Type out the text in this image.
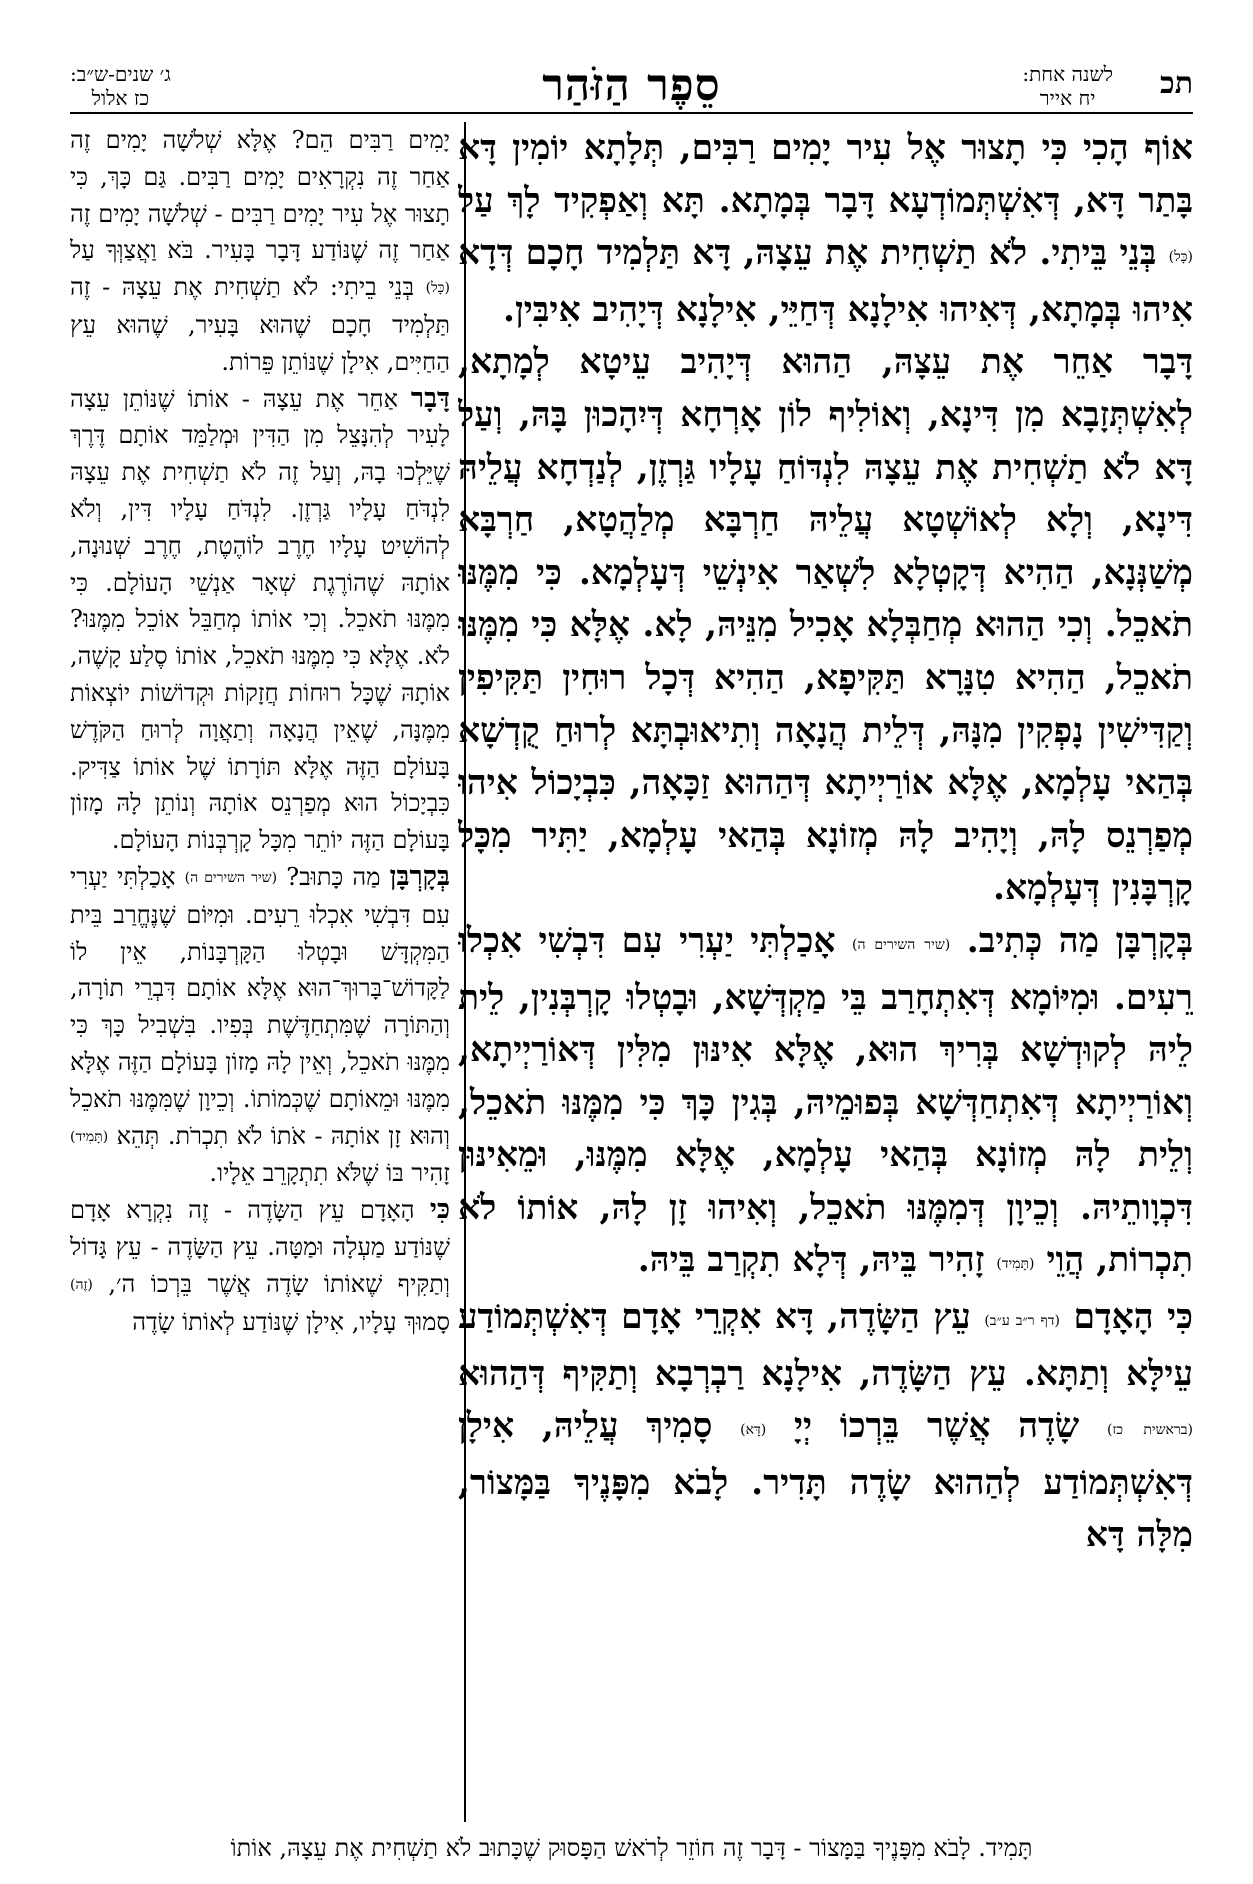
תכ
לשנה אחת:
יח אייר
סֵפֶר הַזֹּהַר
ג׳ שנים-ש״ב:
כז אלול

אוֹף הָכִי כִּי תָצוּר אֶל עִיר יָמִים רַבִּים, תְּלָתָא יוֹמִין דָּא בָּתַר דָּא, דְּאִשְׁתְּמוֹדְעָא דָּבָר בְּמָתָא. תָּא וְאַפְקִיד לָךְ עַל (כָּל) בְּנֵי בֵּיתִי. לֹא תַשְׁחִית אֶת עֵצָהּ, דָּא תַּלְמִיד חָכָם דְּדָא אִיהוּ בְּמָתָא, דְּאִיהוּ אִילָנָא דְּחַיֵּי, אִילָנָא דְּיָהִיב אִיבִּין.

דָּבָר אַחֵר אֶת עֵצָהּ, הַהוּא דְּיָהִיב עֵיטָא לְמָתָא, לְאִשְׁתְּזָבָא מִן דִּינָא, וְאוֹלִיף לוֹן אָרְחָא דְּיִהָכוּן בָּהּ, וְעַל דָּא לֹא תַשְׁחִית אֶת עֵצָהּ לִנְדּוֹחַ עָלָיו גַּרְזֶן, לְנַדְחָא עֲלֵיהּ דִּינָא, וְלָא לְאוֹשְׁטָא עֲלֵיהּ חַרְבָּא מְלַהֲטָא, חַרְבָּא מְשַׁנְּנָא, הַהִיא דְּקָטְלָא לִשְׁאַר אִינְשֵׁי דְּעָלְמָא. כִּי מִמֶּנּוּ תֹאכֵל. וְכִי הַהוּא מְחַבְּלָא אָכִיל מִנֵּיהּ, לָא. אֶלָּא כִּי מִמֶּנּוּ תֹאכֵל, הַהִיא טִנָּרָא תַּקִּיפָא, הַהִיא דְּכָל רוּחִין תַּקִּיפִין וְקַדִּישִׁין נָפְקִין מִנָּהּ, דְּלֵית הֲנָאָה וְתִיאוּבְתָּא לְרוּחַ קֻדְשָׁא בְּהַאי עָלְמָא, אֶלָּא אוֹרַיְיתָא דְּהַהוּא זַכָּאָה, כִּבְיָכוֹל אִיהוּ מְפַרְנֵס לָהּ, וְיָהִיב לָהּ מְזוֹנָא בְּהַאי עָלְמָא, יַתִּיר מִכָּל קָרְבָּנִין דְּעָלְמָא.

בְּקָרְבָּן מַה כְּתִיב. (שיר השירים ה) אָכַלְתִּי יַעְרִי עִם דִּבְשִׁי אִכְלוּ רֵעִים. וּמִיּוֹמָא דְּאִתְחָרַב בֵּי מַקְדְּשָׁא, וּבָטְלוּ קָרְבְּנִין, לֵית לֵיהּ לְקוּדְשָׁא בְּרִיךְ הוּא, אֶלָּא אִינּוּן מִלִּין דְּאוֹרַיְיתָא, וְאוֹרַיְיתָא דְּאִתְחַדְּשָׁא בְּפוּמֵיהּ, בְּגִין כָּךְ כִּי מִמֶּנּוּ תֹאכֵל, וְלֵית לָהּ מְזוֹנָא בְּהַאי עָלְמָא, אֶלָּא מִמֶּנּוּ, וּמֵאִינּוּן דִּכְוָותֵיהּ. וְכֵיוָן דְּמִמֶּנּוּ תֹאכֵל, וְאִיהוּ זָן לָהּ, אוֹתוֹ לֹא תִכְרוֹת, הֲוֵי (תָּמִיד) זָהִיר בֵּיהּ, דְּלָא תִקְרַב בֵּיהּ.

כִּי הָאָדָם (דף ר״ב ע״ב) עֵץ הַשָּׂדֶה, דָּא אִקְרֵי אָדָם דְּאִשְׁתְּמוֹדַע עֵילָּא וְתַתָּא. עֵץ הַשָּׂדֶה, אִילָנָא רַבְרְבָא וְתַקִּיף דְּהַהוּא (בראשית כז) שָׂדֶה אֲשֶׁר בֵּרְכוֹ יְיָ (דָּא) סָמִיךְ עֲלֵיהּ, אִילָן דְּאִשְׁתְּמוֹדַע לְהַהוּא שָׂדֶה תָּדִיר. לָבֹא מִפָּנֶיךָ בַּמָּצוֹר, מִלָּה דָּא

יָמִים רַבִּים הֵם? אֶלָּא שְׁלֹשָׁה יָמִים זֶה אַחַר זֶה נִקְרָאִים יָמִים רַבִּים. גַּם כָּךְ, כִּי תָצוּר אֶל עִיר יָמִים רַבִּים - שְׁלֹשָׁה יָמִים זֶה אַחַר זֶה שֶׁנּוֹדַע דָּבָר בָּעִיר. בֹּא וַאֲצַוְּךָ עַל (כָּל) בְּנֵי בֵיתִי: לֹא תַשְׁחִית אֶת עֵצָהּ - זֶה תַּלְמִיד חָכָם שֶׁהוּא בָּעִיר, שֶׁהוּא עֵץ הַחַיִּים, אִילָן שֶׁנּוֹתֵן פֵּרוֹת.

דָּבָר אַחֵר אֶת עֵצָהּ - אוֹתוֹ שֶׁנּוֹתֵן עֵצָה לָעִיר לְהִנָּצֵל מִן הַדִּין וּמְלַמֵּד אוֹתָם דֶּרֶךְ שֶׁיֵּלְכוּ בָהּ, וְעַל זֶה לֹא תַשְׁחִית אֶת עֵצָהּ לִנְדֹּחַ עָלָיו גַּרְזֶן. לִנְדֹּחַ עָלָיו דִּין, וְלֹא לְהוֹשִׁיט עָלָיו חֶרֶב לוֹהֶטֶת, חֶרֶב שְׁנוּנָה, אוֹתָהּ שֶׁהוֹרֶגֶת שְׁאָר אַנְשֵׁי הָעוֹלָם. כִּי מִמֶּנּוּ תֹאכֵל. וְכִי אוֹתוֹ מְחַבֵּל אוֹכֵל מִמֶּנּוּ? לֹא. אֶלָּא כִּי מִמֶּנּוּ תֹאכֵל, אוֹתוֹ סֶלַע קָשֶׁה, אוֹתָהּ שֶׁכָּל רוּחוֹת חֲזָקוֹת וּקְדוֹשׁוֹת יוֹצְאוֹת מִמֶּנָּה, שֶׁאֵין הֲנָאָה וְתַאֲוָה לְרוּחַ הַקֹּדֶשׁ בָּעוֹלָם הַזֶּה אֶלָּא תּוֹרָתוֹ שֶׁל אוֹתוֹ צַדִּיק. כִּבְיָכוֹל הוּא מְפַרְנֵס אוֹתָהּ וְנוֹתֵן לָהּ מָזוֹן בָּעוֹלָם הַזֶּה יוֹתֵר מִכָּל קָרְבְּנוֹת הָעוֹלָם.

בְּקָרְבָּן מַה כָּתוּב? (שיר השירים ה) אָכַלְתִּי יַעְרִי עִם דִּבְשִׁי אִכְלוּ רֵעִים. וּמִיּוֹם שֶׁנֶּחֱרַב בֵּית הַמִּקְדָּשׁ וּבָטְלוּ הַקָּרְבָּנוֹת, אֵין לוֹ לַקָּדוֹשׁ־בָּרוּךְ־הוּא אֶלָּא אוֹתָם דִּבְרֵי תוֹרָה, וְהַתּוֹרָה שֶׁמִּתְחַדֶּשֶׁת בְּפִיו. בִּשְׁבִיל כָּךְ כִּי מִמֶּנּוּ תֹאכֵל, וְאֵין לָהּ מָזוֹן בָּעוֹלָם הַזֶּה אֶלָּא מִמֶּנּוּ וּמֵאוֹתָם שֶׁכְּמוֹתוֹ. וְכֵיוָן שֶׁמִּמֶּנּוּ תֹאכֵל וְהוּא זָן אוֹתָהּ - אֹתוֹ לֹא תִכְרֹת. תְּהֵא (תָּמִיד) זָהִיר בּוֹ שֶׁלֹּא תִתְקָרֵב אֵלָיו.

כִּי הָאָדָם עֵץ הַשָּׂדֶה - זֶה נִקְרָא אָדָם שֶׁנּוֹדַע מַעְלָה וּמַטָּה. עֵץ הַשָּׂדֶה - עֵץ גָּדוֹל וְתַקִּיף שֶׁאוֹתוֹ שָׂדֶה אֲשֶׁר בֵּרְכוֹ ה׳, (זֶה) סָמוּךְ עָלָיו, אִילָן שֶׁנּוֹדַע לְאוֹתוֹ שָׂדֶה

תָּמִיד. לָבֹא מִפָּנֶיךָ בַּמָּצוֹר - דָּבָר זֶה חוֹזֵר לְרֹאשׁ הַפָּסוּק שֶׁכָּתוּב לֹא תַשְׁחִית אֶת עֵצָהּ, אוֹתוֹ
